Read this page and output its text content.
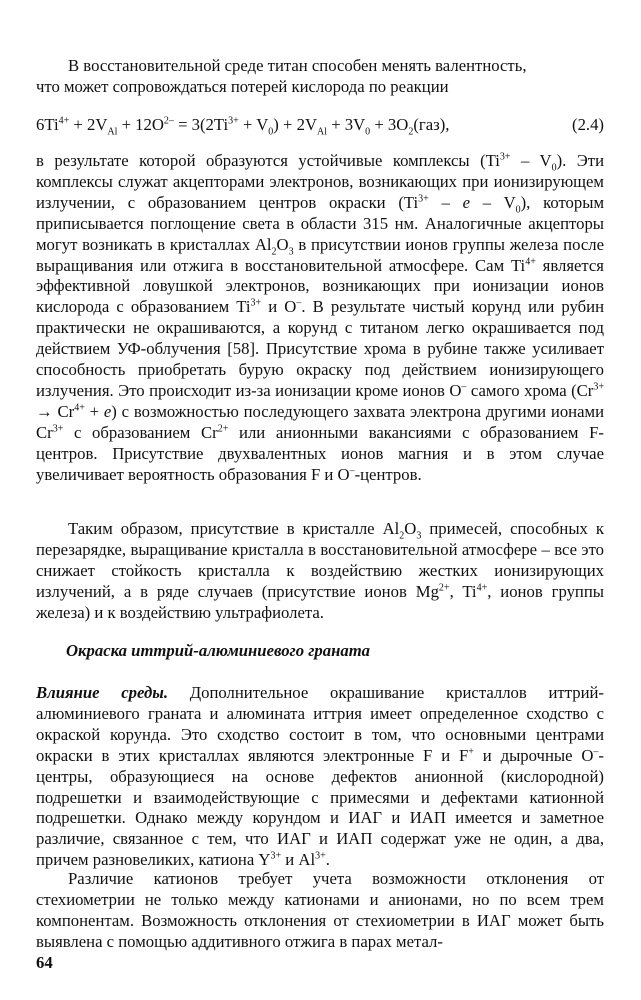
В восстановительной среде титан способен менять валентность,

что может сопровождаться потерей кислорода по реакции

$6Ti^{4+} + 2V_{Al} + 12O^{2-} = 3(2Ti^{3+} + V_0) + 2V_{Al} + 3V_0 + 3O_2(газ)$,	(2.4)

в результате которой образуются устойчивые комплексы $(Ti^{3+} - V_0)$. Эти комплексы служат акцепторами электронов, возникающих при ионизирующем излучении, с образованием центров окраски ($Ti^{3+}$ – e – $V_0$), которым приписывается поглощение света в области 315 нм. Аналогичные акцепторы могут возникать в кристаллах $Al_2O_3$ в присутствии ионов группы железа после выращивания или отжига в восстановительной атмосфере. Сам $Ti^{4+}$ является эффективной ловушкой электронов, возникающих при ионизации ионов кислорода с образованием $Ti^{3+}$ и O–. В результате чистый корунд или рубин практически не окрашиваются, а корунд с титаном легко окрашивается под действием УФ-облучения [58]. Присутствие хрома в рубине также усиливает способность приобретать бурую окраску под действием ионизирующего излучения. Это происходит из-за ионизации кроме ионов O– самого хрома $(Cr^{3+} \to Cr^{4+} + e)$ с возможностью последующего захвата электрона другими ионами $Cr^{3+}$ с образованием $Cr^{2+}$ или анионными вакансиями с образованием F-центров. Присутствие двухвалентных ионов магния и в этом случае увеличивает вероятность образования F и O–-центров.

Таким образом, присутствие в кристалле $Al_2O_3$ примесей, способных к перезарядке, выращивание кристалла в восстановительной атмосфере – все это снижает стойкость кристалла к воздействию жестких ионизирующих излучений, а в ряде случаев (присутствие ионов $Mg^{2+}$, $Ti^{4+}$, ионов группы железа) и к воздействию ультрафиолета.

Окраска иттрий-алюминиевого граната

Влияние среды. Дополнительное окрашивание кристаллов иттрий-алюминиевого граната и алюмината иттрия имеет определенное сходство с окраской корунда. Это сходство состоит в том, что основными центрами окраски в этих кристаллах являются электронные F и F+ и дырочные O–-центры, образующиеся на основе дефектов анионной (кислородной) подрешетки и взаимодействующие с примесями и дефектами катионной подрешетки. Однако между корундом и ИАГ и ИАП имеется и заметное различие, связанное с тем, что ИАГ и ИАП содержат уже не один, а два, причем разновеликих, катиона $Y^{3+}$ и $Al^{3+}$.

Различие катионов требует учета возможности отклонения от стехиометрии не только между катионами и анионами, но по всем трем компонентам. Возможность отклонения от стехиометрии в ИАГ может быть выявлена с помощью аддитивного отжига в парах метал-

64
